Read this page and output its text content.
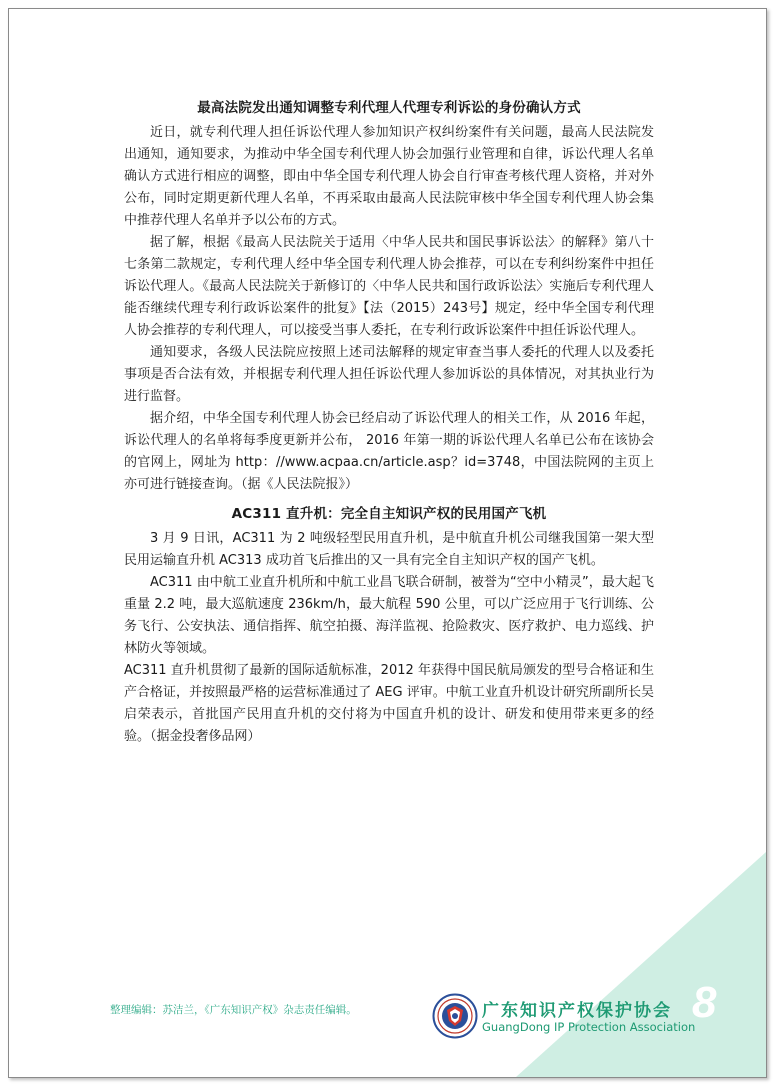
最高法院发出通知调整专利代理人代理专利诉讼的身份确认方式

近日，就专利代理人担任诉讼代理人参加知识产权纠纷案件有关问题，最高人民法院发出通知，通知要求，为推动中华全国专利代理人协会加强行业管理和自律，诉讼代理人名单确认方式进行相应的调整，即由中华全国专利代理人协会自行审查考核代理人资格，并对外公布，同时定期更新代理人名单，不再采取由最高人民法院审核中华全国专利代理人协会集中推荐代理人名单并予以公布的方式。

据了解，根据《最高人民法院关于适用〈中华人民共和国民事诉讼法〉的解释》第八十七条第二款规定，专利代理人经中华全国专利代理人协会推荐，可以在专利纠纷案件中担任诉讼代理人。《最高人民法院关于新修订的〈中华人民共和国行政诉讼法〉实施后专利代理人能否继续代理专利行政诉讼案件的批复》【法（2015）243号】规定，经中华全国专利代理人协会推荐的专利代理人，可以接受当事人委托，在专利行政诉讼案件中担任诉讼代理人。

通知要求，各级人民法院应按照上述司法解释的规定审查当事人委托的代理人以及委托事项是否合法有效，并根据专利代理人担任诉讼代理人参加诉讼的具体情况，对其执业行为进行监督。

据介绍，中华全国专利代理人协会已经启动了诉讼代理人的相关工作，从 2016 年起，诉讼代理人的名单将每季度更新并公布， 2016 年第一期的诉讼代理人名单已公布在该协会的官网上，网址为 http：//www.acpaa.cn/article.asp？id=3748，中国法院网的主页上亦可进行链接查询。（据《人民法院报》）

AC311 直升机：完全自主知识产权的民用国产飞机

3 月 9 日讯，AC311 为 2 吨级轻型民用直升机，是中航直升机公司继我国第一架大型民用运输直升机 AC313 成功首飞后推出的又一具有完全自主知识产权的国产飞机。

AC311 由中航工业直升机所和中航工业昌飞联合研制，被誉为“空中小精灵”，最大起飞重量 2.2 吨，最大巡航速度 236km/h，最大航程 590 公里，可以广泛应用于飞行训练、公务飞行、公安执法、通信指挥、航空拍摄、海洋监视、抢险救灾、医疗救护、电力巡线、护林防火等领域。

AC311 直升机贯彻了最新的国际适航标准，2012 年获得中国民航局颁发的型号合格证和生产合格证，并按照最严格的运营标准通过了 AEG 评审。中航工业直升机设计研究所副所长吴启荣表示，首批国产民用直升机的交付将为中国直升机的设计、研发和使用带来更多的经验。（据金投奢侈品网）

整理编辑：苏洁兰，《广东知识产权》杂志责任编辑。	广东知识产权保护协会
GuangDong IP Protection Association
8
